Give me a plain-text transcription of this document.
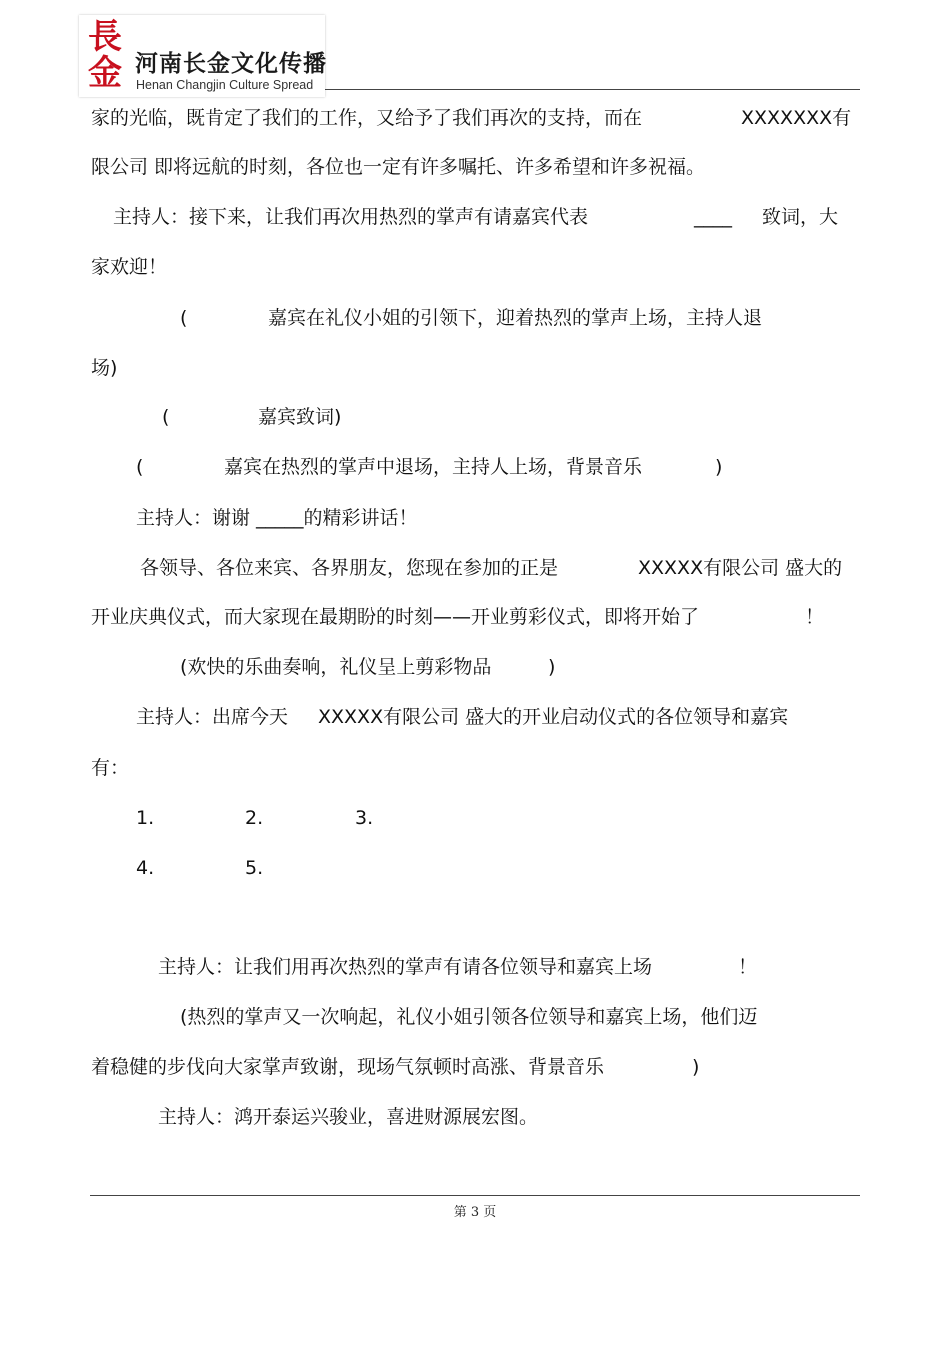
長
金 河南长金文化传播
Henan Changjin Culture Spread
家的光临，既肯定了我们的工作，又给予了我们再次的支持，而在	XXXXXXX有
限公司 即将远航的时刻，各位也一定有许多嘱托、许多希望和许多祝福。
主持人：接下来，让我们再次用热烈的掌声有请嘉宾代表	____ 致词，大
家欢迎！
(	嘉宾在礼仪小姐的引领下，迎着热烈的掌声上场，主持人退
场)
(	嘉宾致词)
(	嘉宾在热烈的掌声中退场，主持人上场，背景音乐	)
主持人：谢谢 _____的精彩讲话！
各领导、各位来宾、各界朋友，您现在参加的正是	XXXXX有限公司 盛大的
开业庆典仪式，而大家现在最期盼的时刻——开业剪彩仪式，即将开始了	！
(欢快的乐曲奏响，礼仪呈上剪彩物品	)
主持人：出席今天 XXXXX有限公司 盛大的开业启动仪式的各位领导和嘉宾
有：
1.	2.	3.
4.	5.
主持人：让我们用再次热烈的掌声有请各位领导和嘉宾上场	！
(热烈的掌声又一次响起，礼仪小姐引领各位领导和嘉宾上场，他们迈
着稳健的步伐向大家掌声致谢，现场气氛顿时高涨、背景音乐	)
主持人：鸿开泰运兴骏业，喜进财源展宏图。
第 3 页
